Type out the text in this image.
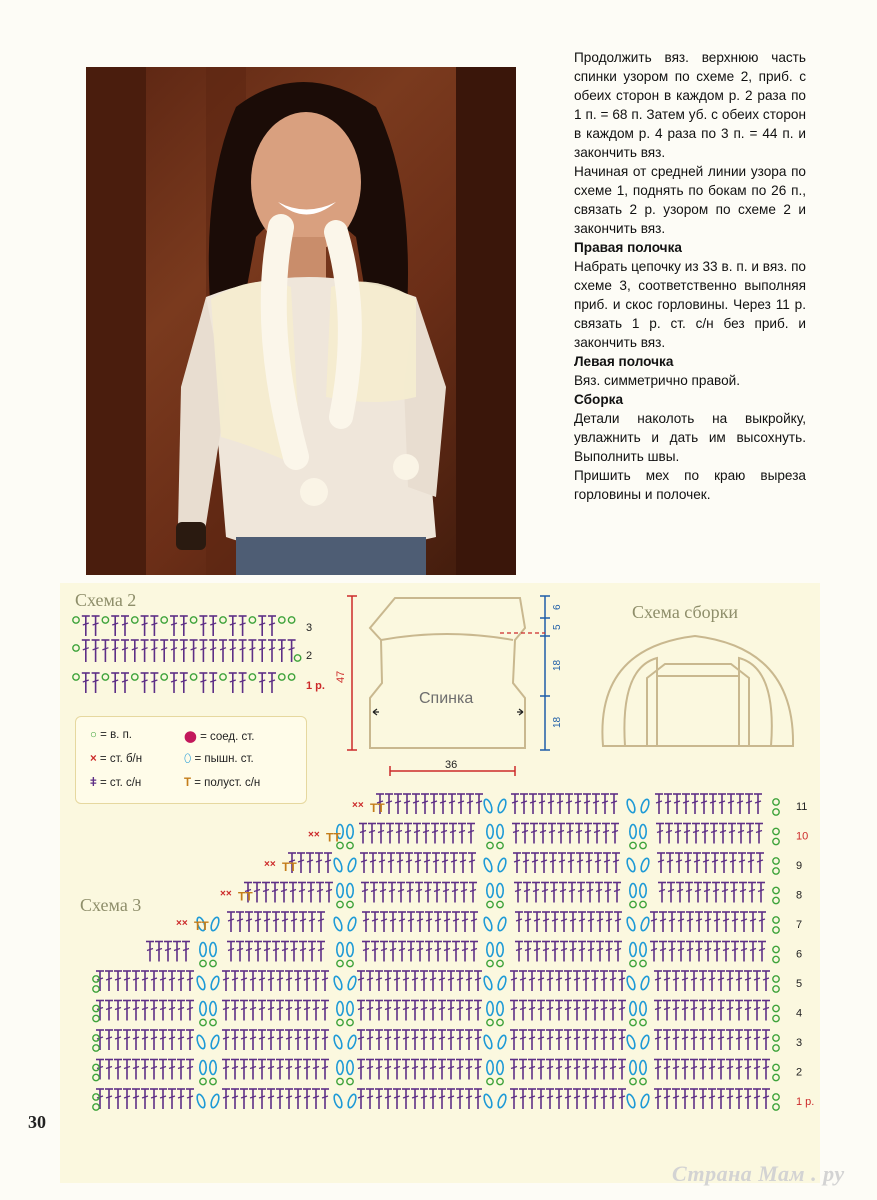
Продолжить вяз. верхнюю часть спинки узором по схеме 2, приб. с обеих сторон в каждом р. 2 раза по 1 п. = 68 п. Затем уб. с обеих сторон в каждом р. 4 раза по 3 п. = 44 п. и закончить вяз.

Начиная от средней линии узора по схеме 1, поднять по бокам по 26 п., связать 2 р. узором по схеме 2 и закончить вяз.

Правая полочка

Набрать цепочку из 33 в. п. и вяз. по схеме 3, соответственно выполняя приб. и скос горловины. Через 11 р. связать 1 р. ст. с/н без приб. и закончить вяз.

Левая полочка

Вяз. симметрично правой.

Сборка

Детали наколоть на выкройку, увлажнить и дать им высохнуть. Выполнить швы.

Пришить мех по краю выреза горловины и полочек.

Схема 2
3
2
1 р.
47
36
6
5
18
18
Спинка
Схема сборки
○ = в. п.	⬤ = соед. ст.
× = ст. б/н	⬯ = пышн. ст.
ǂ = ст. с/н	T = полуст. с/н
Схема 3
×× TT
×× TT
×× TT
×× TT
×× TT
11
10
9
8
7
6
5
4
3
2
1 р.
30
Страна Мам . ру
